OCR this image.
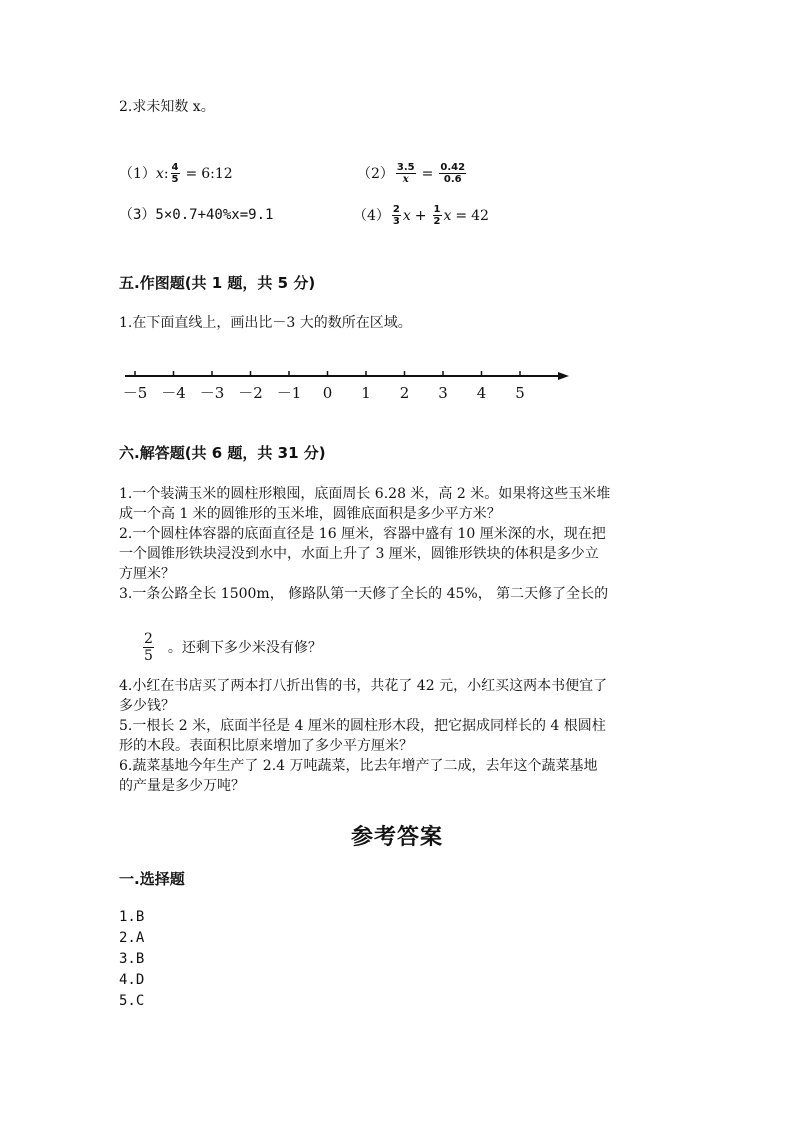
2.求未知数 x。
（1） x : $\frac{4}{5}$ = 6:12	$(2) \frac{3.5}{x} = \frac{0.42}{0.6}$
（3）5×0.7+40%x=9.1	$(4) \frac{2}{3}$ $x + \frac{1}{2}$ x = 42
五.作图题(共 1 题，共 5 分)
1.在下面直线上，画出比－3 大的数所在区域。
－5 －4 －3 －2 －1 0 1 2 3 4 5
六.解答题(共 6 题，共 31 分)
1.一个装满玉米的圆柱形粮囤，底面周长 6.28 米，高 2 米。如果将这些玉米堆
成一个高 1 米的圆锥形的玉米堆，圆锥底面积是多少平方米？
2.一个圆柱体容器的底面直径是 16 厘米，容器中盛有 10 厘米深的水，现在把
一个圆锥形铁块浸没到水中，水面上升了 3 厘米，圆锥形铁块的体积是多少立
方厘米？
3.一条公路全长 1500m， 修路队第一天修了全长的 45%， 第二天修了全长的
$\frac{2}{5}$ 。还剩下多少米没有修？
4.小红在书店买了两本打八折出售的书，共花了 42 元，小红买这两本书便宜了
多少钱？
5.一根长 2 米，底面半径是 4 厘米的圆柱形木段，把它据成同样长的 4 根圆柱
形的木段。表面积比原来增加了多少平方厘米？
6.蔬菜基地今年生产了 2.4 万吨蔬菜，比去年增产了二成，去年这个蔬菜基地
的产量是多少万吨？
参考答案
一.选择题
1.B
2.A
3.B
4.D
5.C
